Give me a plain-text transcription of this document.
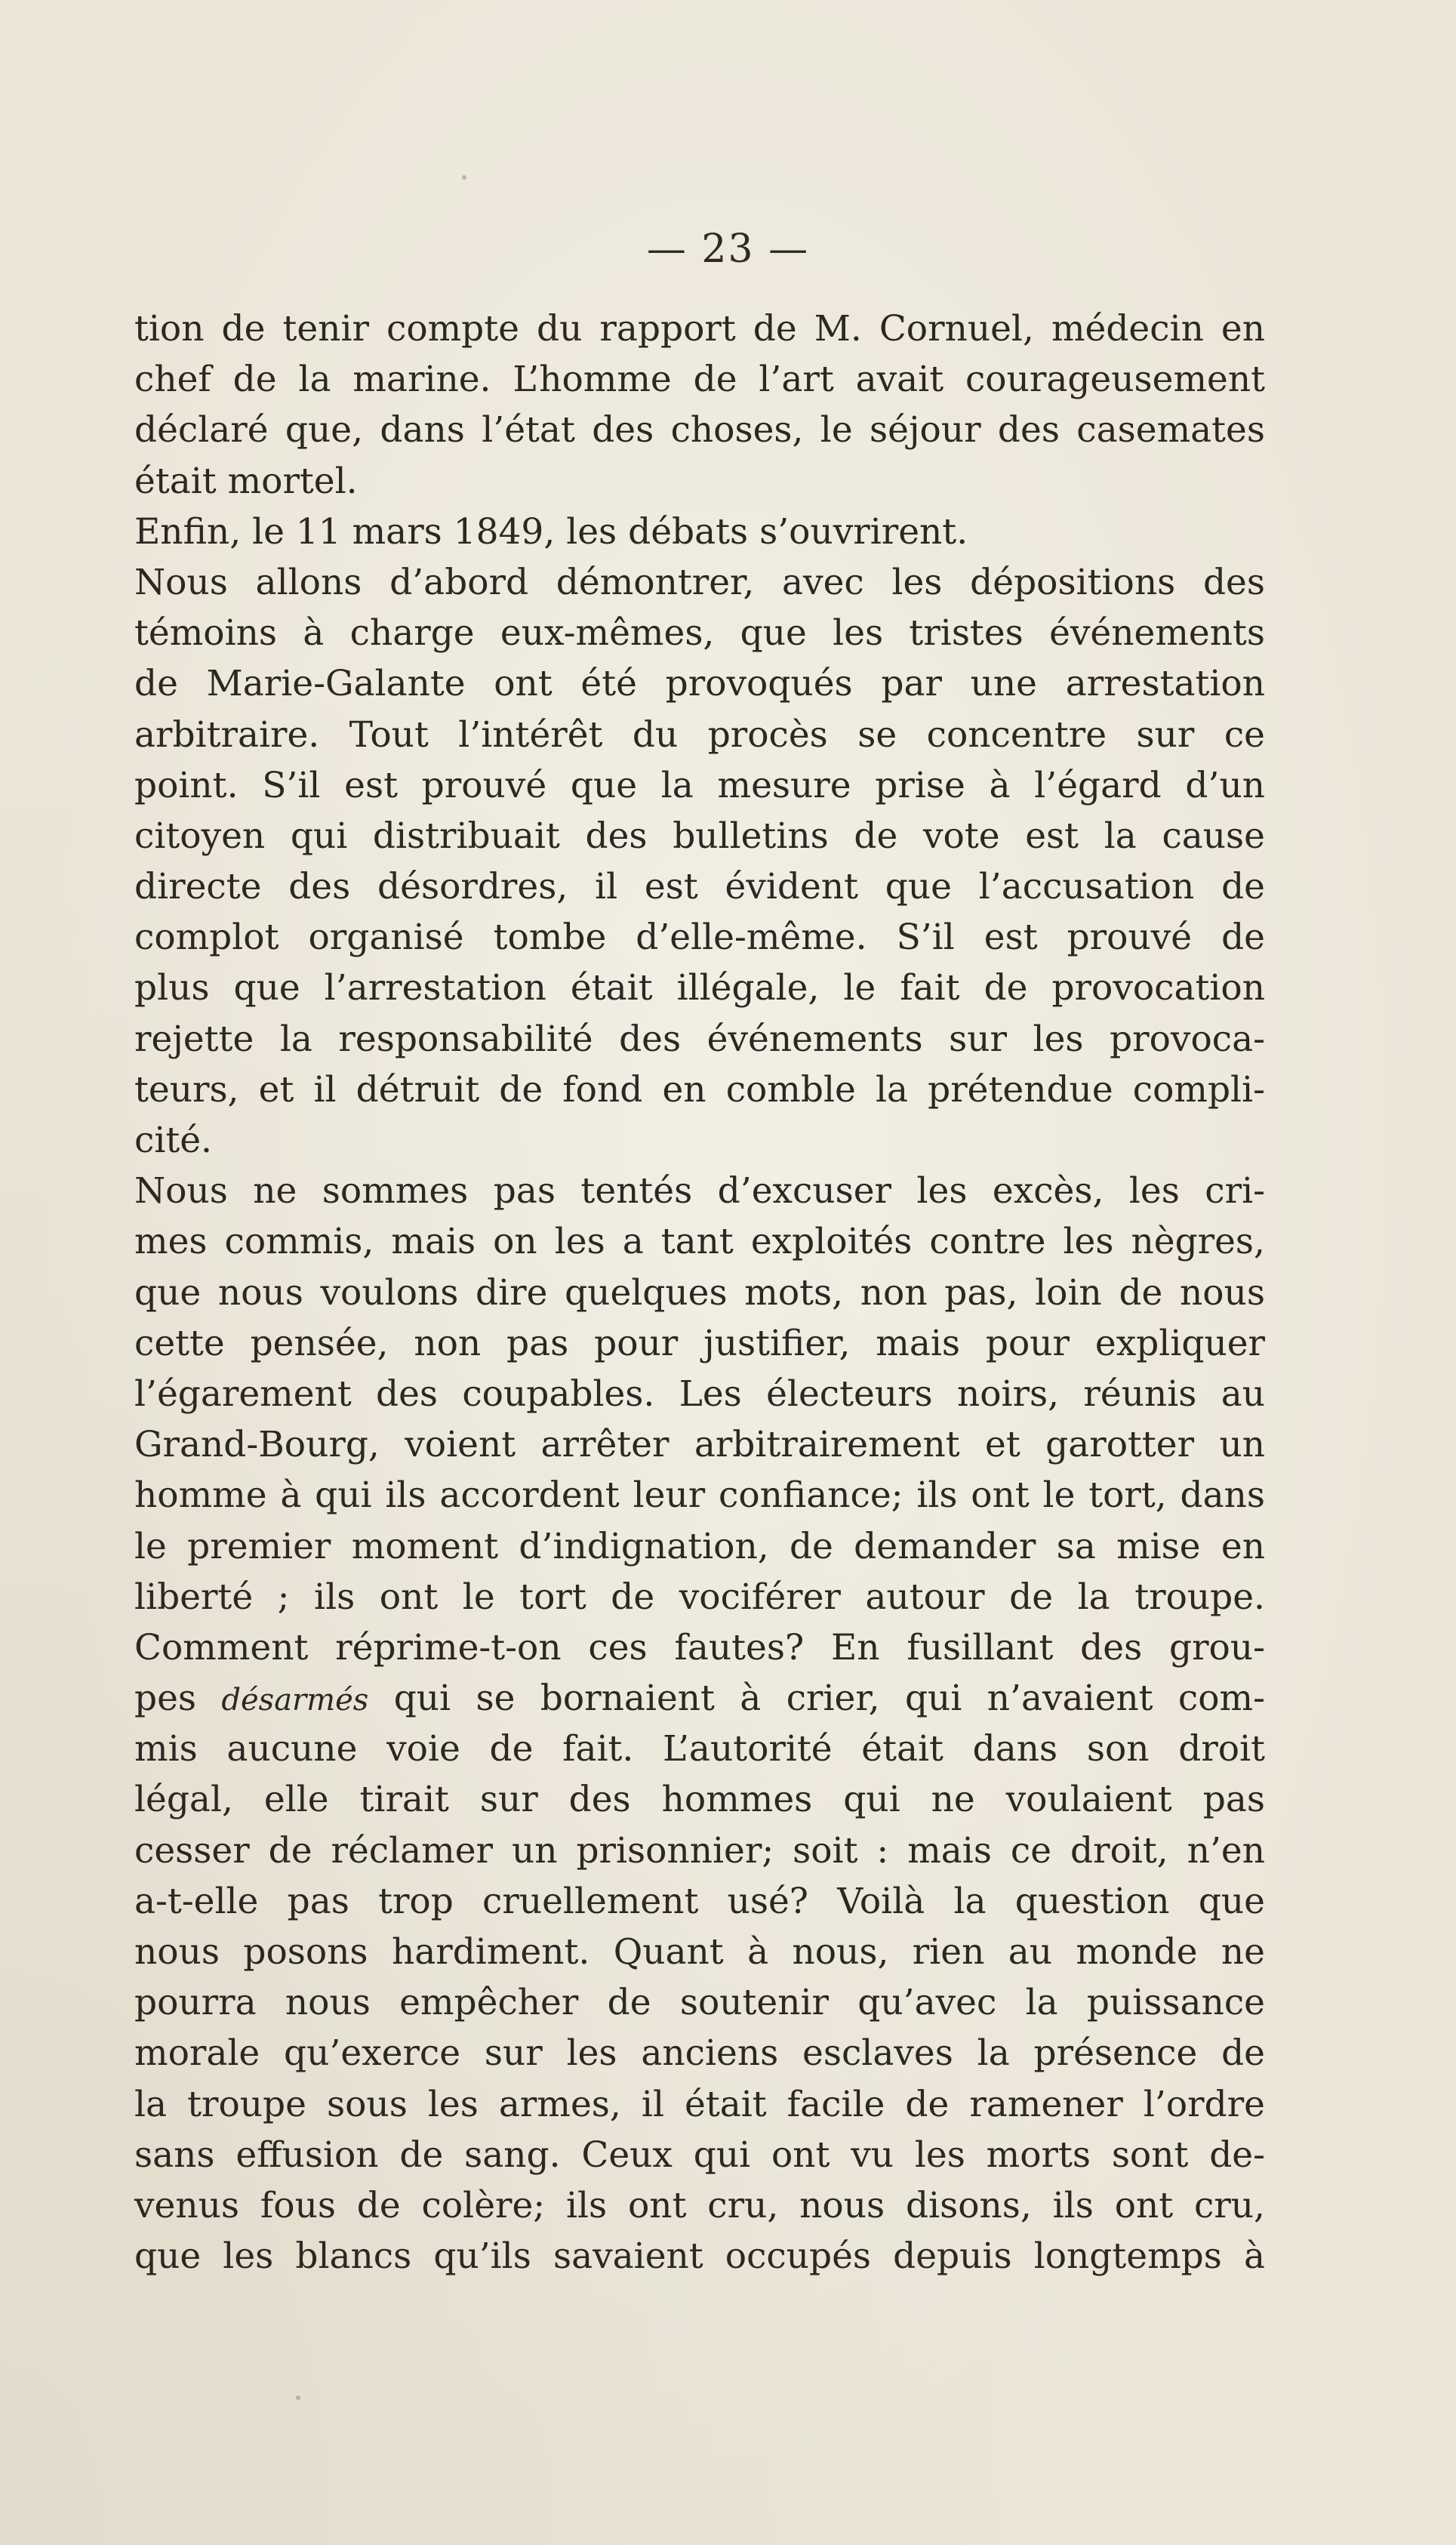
— 23 —
tion de tenir compte du rapport de M. Cornuel, médecin en
chef de la marine. L’homme de l’art avait courageusement
déclaré que, dans l’état des choses, le séjour des casemates
était mortel.
Enfin, le 11 mars 1849, les débats s’ouvrirent.
Nous allons d’abord démontrer, avec les dépositions des
témoins à charge eux-mêmes, que les tristes événements
de Marie-Galante ont été provoqués par une arrestation
arbitraire. Tout l’intérêt du procès se concentre sur ce
point. S’il est prouvé que la mesure prise à l’égard d’un
citoyen qui distribuait des bulletins de vote est la cause
directe des désordres, il est évident que l’accusation de
complot organisé tombe d’elle-même. S’il est prouvé de
plus que l’arrestation était illégale, le fait de provocation
rejette la responsabilité des événements sur les provoca-
teurs, et il détruit de fond en comble la prétendue compli-
cité.
Nous ne sommes pas tentés d’excuser les excès, les cri-
mes commis, mais on les a tant exploités contre les nègres,
que nous voulons dire quelques mots, non pas, loin de nous
cette pensée, non pas pour justifier, mais pour expliquer
l’égarement des coupables. Les électeurs noirs, réunis au
Grand-Bourg, voient arrêter arbitrairement et garotter un
homme à qui ils accordent leur confiance; ils ont le tort, dans
le premier moment d’indignation, de demander sa mise en
liberté ; ils ont le tort de vociférer autour de la troupe.
Comment réprime-t-on ces fautes? En fusillant des grou-
pes désarmés qui se bornaient à crier, qui n’avaient com-
mis aucune voie de fait. L’autorité était dans son droit
légal, elle tirait sur des hommes qui ne voulaient pas
cesser de réclamer un prisonnier; soit : mais ce droit, n’en
a-t-elle pas trop cruellement usé? Voilà la question que
nous posons hardiment. Quant à nous, rien au monde ne
pourra nous empêcher de soutenir qu’avec la puissance
morale qu’exerce sur les anciens esclaves la présence de
la troupe sous les armes, il était facile de ramener l’ordre
sans effusion de sang. Ceux qui ont vu les morts sont de-
venus fous de colère; ils ont cru, nous disons, ils ont cru,
que les blancs qu’ils savaient occupés depuis longtemps à
